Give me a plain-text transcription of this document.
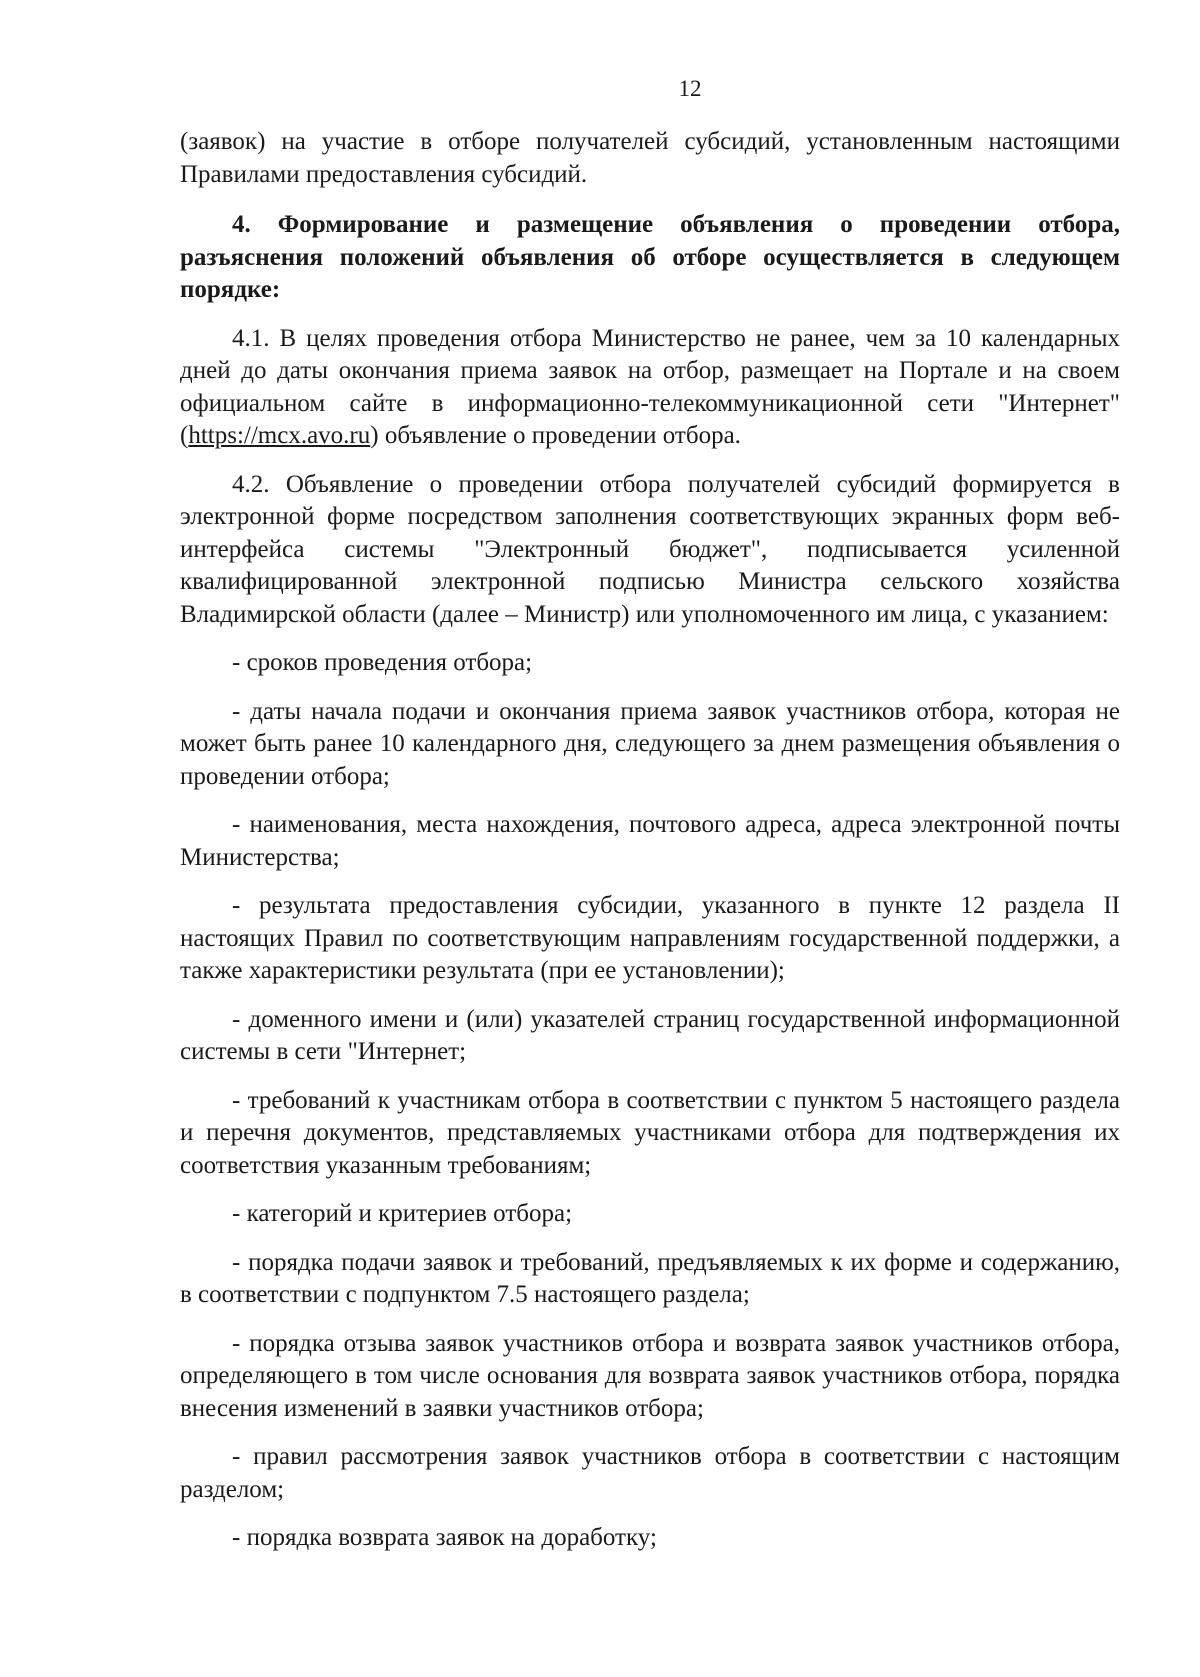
12

(заявок) на участие в отборе получателей субсидий, установленным настоящими Правилами предоставления субсидий.

4. Формирование и размещение объявления о проведении отбора, разъяснения положений объявления об отборе осуществляется в следующем порядке:

4.1. В целях проведения отбора Министерство не ранее, чем за 10 календарных дней до даты окончания приема заявок на отбор, размещает на Портале и на своем официальном сайте в информационно-телекоммуникационной сети "Интернет" (https://mcx.avo.ru) объявление о проведении отбора.

4.2. Объявление о проведении отбора получателей субсидий формируется в электронной форме посредством заполнения соответствующих экранных форм веб-интерфейса системы "Электронный бюджет", подписывается усиленной квалифицированной электронной подписью Министра сельского хозяйства Владимирской области (далее – Министр) или уполномоченного им лица, с указанием:

- сроков проведения отбора;

- даты начала подачи и окончания приема заявок участников отбора, которая не может быть ранее 10 календарного дня, следующего за днем размещения объявления о проведении отбора;

- наименования, места нахождения, почтового адреса, адреса электронной почты Министерства;

- результата предоставления субсидии, указанного в пункте 12 раздела II настоящих Правил по соответствующим направлениям государственной поддержки, а также характеристики результата (при ее установлении);

- доменного имени и (или) указателей страниц государственной информационной системы в сети "Интернет;

- требований к участникам отбора в соответствии с пунктом 5 настоящего раздела и перечня документов, представляемых участниками отбора для подтверждения их соответствия указанным требованиям;

- категорий и критериев отбора;

- порядка подачи заявок и требований, предъявляемых к их форме и содержанию, в соответствии с подпунктом 7.5 настоящего раздела;

- порядка отзыва заявок участников отбора и возврата заявок участников отбора, определяющего в том числе основания для возврата заявок участников отбора, порядка внесения изменений в заявки участников отбора;

- правил рассмотрения заявок участников отбора в соответствии с настоящим разделом;

- порядка возврата заявок на доработку;
